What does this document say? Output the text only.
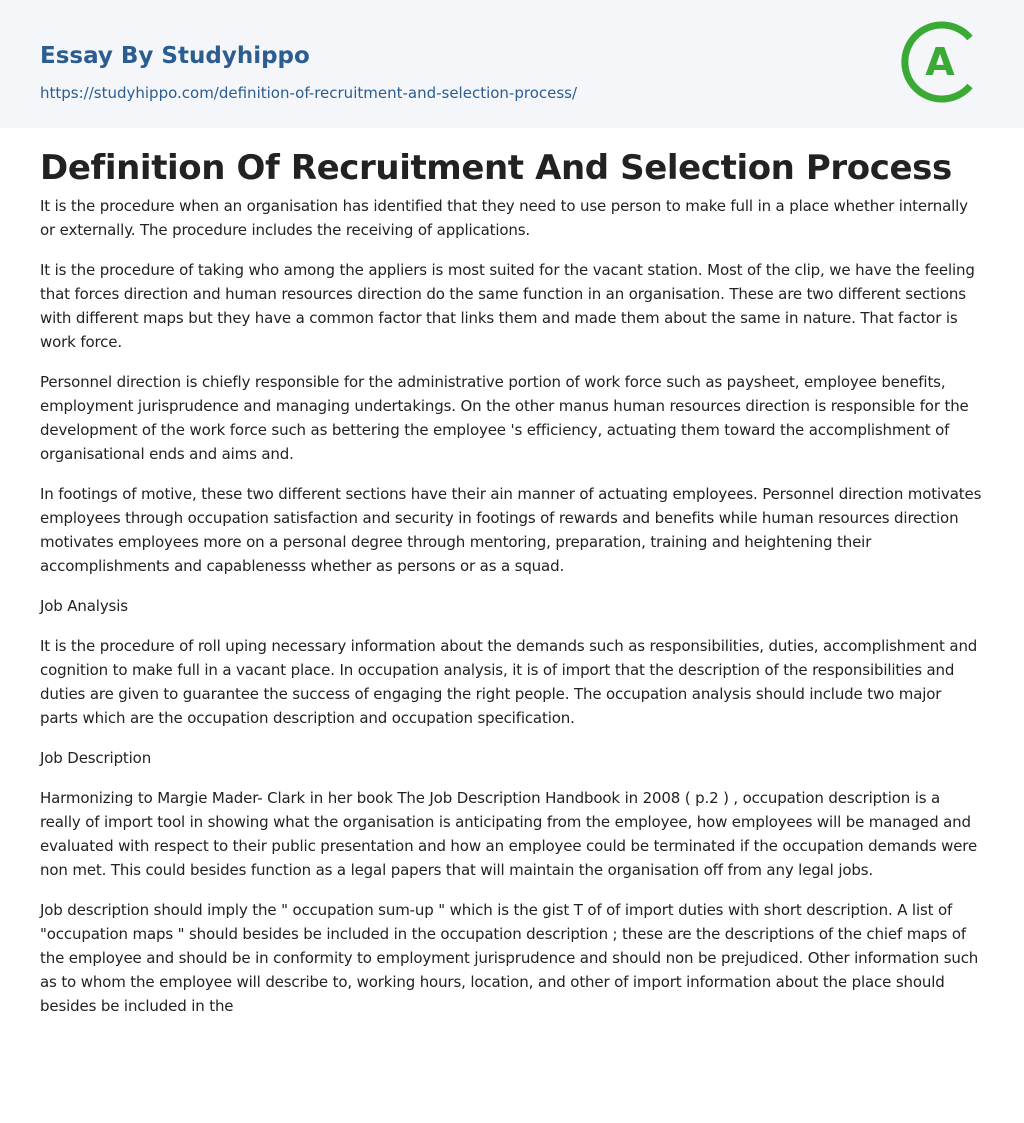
Essay By Studyhippo
https://studyhippo.com/definition-of-recruitment-and-selection-process/
A
Definition Of Recruitment And Selection Process

It is the procedure when an organisation has identified that they need to use person to make full in a place whether internally or externally. The procedure includes the receiving of applications.

It is the procedure of taking who among the appliers is most suited for the vacant station. Most of the clip, we have the feeling that forces direction and human resources direction do the same function in an organisation. These are two different sections with different maps but they have a common factor that links them and made them about the same in nature. That factor is work force.

Personnel direction is chiefly responsible for the administrative portion of work force such as paysheet, employee benefits, employment jurisprudence and managing undertakings. On the other manus human resources direction is responsible for the development of the work force such as bettering the employee 's efficiency, actuating them toward the accomplishment of organisational ends and aims and.

In footings of motive, these two different sections have their ain manner of actuating employees. Personnel direction motivates employees through occupation satisfaction and security in footings of rewards and benefits while human resources direction motivates employees more on a personal degree through mentoring, preparation, training and heightening their accomplishments and capablenesss whether as persons or as a squad.

Job Analysis

It is the procedure of roll uping necessary information about the demands such as responsibilities, duties, accomplishment and cognition to make full in a vacant place. In occupation analysis, it is of import that the description of the responsibilities and duties are given to guarantee the success of engaging the right people. The occupation analysis should include two major parts which are the occupation description and occupation specification.

Job Description

Harmonizing to Margie Mader- Clark in her book The Job Description Handbook in 2008 ( p.2 ) , occupation description is a really of import tool in showing what the organisation is anticipating from the employee, how employees will be managed and evaluated with respect to their public presentation and how an employee could be terminated if the occupation demands were non met. This could besides function as a legal papers that will maintain the organisation off from any legal jobs.

Job description should imply the " occupation sum-up " which is the gist T of of import duties with short description. A list of "occupation maps " should besides be included in the occupation description ; these are the descriptions of the chief maps of the employee and should be in conformity to employment jurisprudence and should non be prejudiced. Other information such as to whom the employee will describe to, working hours, location, and other of import information about the place should besides be included in the
